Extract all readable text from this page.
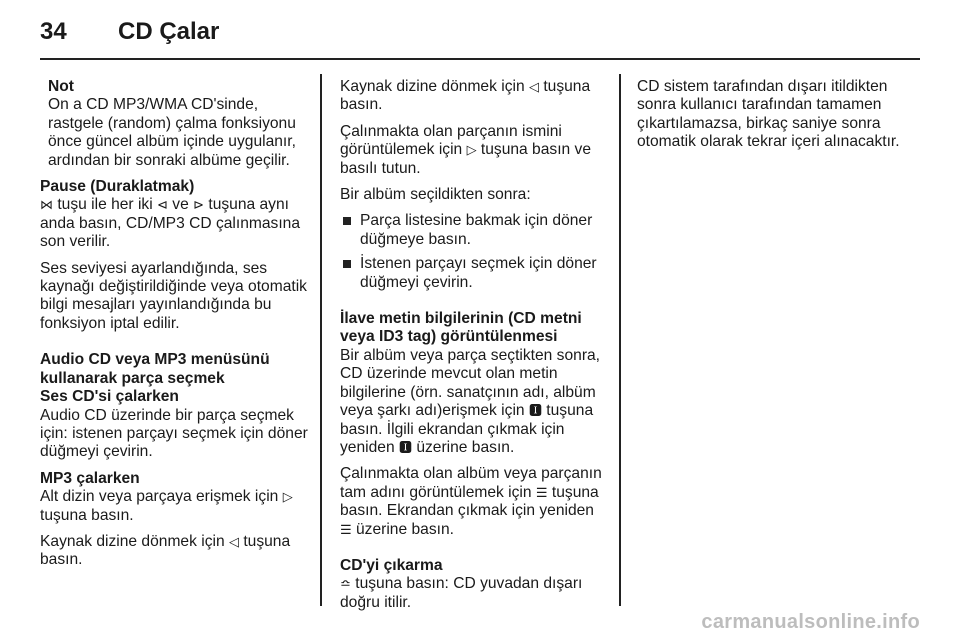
34 CD Çalar
Not

On a CD MP3/WMA CD'sinde, rastgele (random) çalma fonksiyonu önce güncel albüm içinde uygulanır, ardından bir sonraki albüme geçilir.

Pause (Duraklatmak)

⋈ tuşu ile her iki ⊲ ve ⊳ tuşuna aynı anda basın, CD/MP3 CD çalınmasına son verilir.

Ses seviyesi ayarlandığında, ses kaynağı değiştirildiğinde veya otomatik bilgi mesajları yayınlandığında bu fonksiyon iptal edilir.

Audio CD veya MP3 menüsünü kullanarak parça seçmek
Ses CD'si çalarken

Audio CD üzerinde bir parça seçmek için: istenen parçayı seçmek için döner düğmeyi çevirin.

MP3 çalarken

Alt dizin veya parçaya erişmek için ▷ tuşuna basın.

Kaynak dizine dönmek için ◁ tuşuna basın.

Kaynak dizine dönmek için ◁ tuşuna basın.

Çalınmakta olan parçanın ismini görüntülemek için ▷ tuşuna basın ve basılı tutun.

Bir albüm seçildikten sonra:

Parça listesine bakmak için döner düğmeye basın.
İstenen parçayı seçmek için döner düğmeyi çevirin.
İlave metin bilgilerinin (CD metni veya ID3 tag) görüntülenmesi

Bir albüm veya parça seçtikten sonra, CD üzerinde mevcut olan metin bilgilerine (örn. sanatçının adı, albüm veya şarkı adı)erişmek için 🅸 tuşuna basın. İlgili ekrandan çıkmak için yeniden 🅸 üzerine basın.

Çalınmakta olan albüm veya parçanın tam adını görüntülemek için ☰ tuşuna basın. Ekrandan çıkmak için yeniden ☰ üzerine basın.

CD'yi çıkarma

≏ tuşuna basın: CD yuvadan dışarı doğru itilir.

CD sistem tarafından dışarı itildikten sonra kullanıcı tarafından tamamen çıkartılamazsa, birkaç saniye sonra otomatik olarak tekrar içeri alınacaktır.

carmanualsonline.info
